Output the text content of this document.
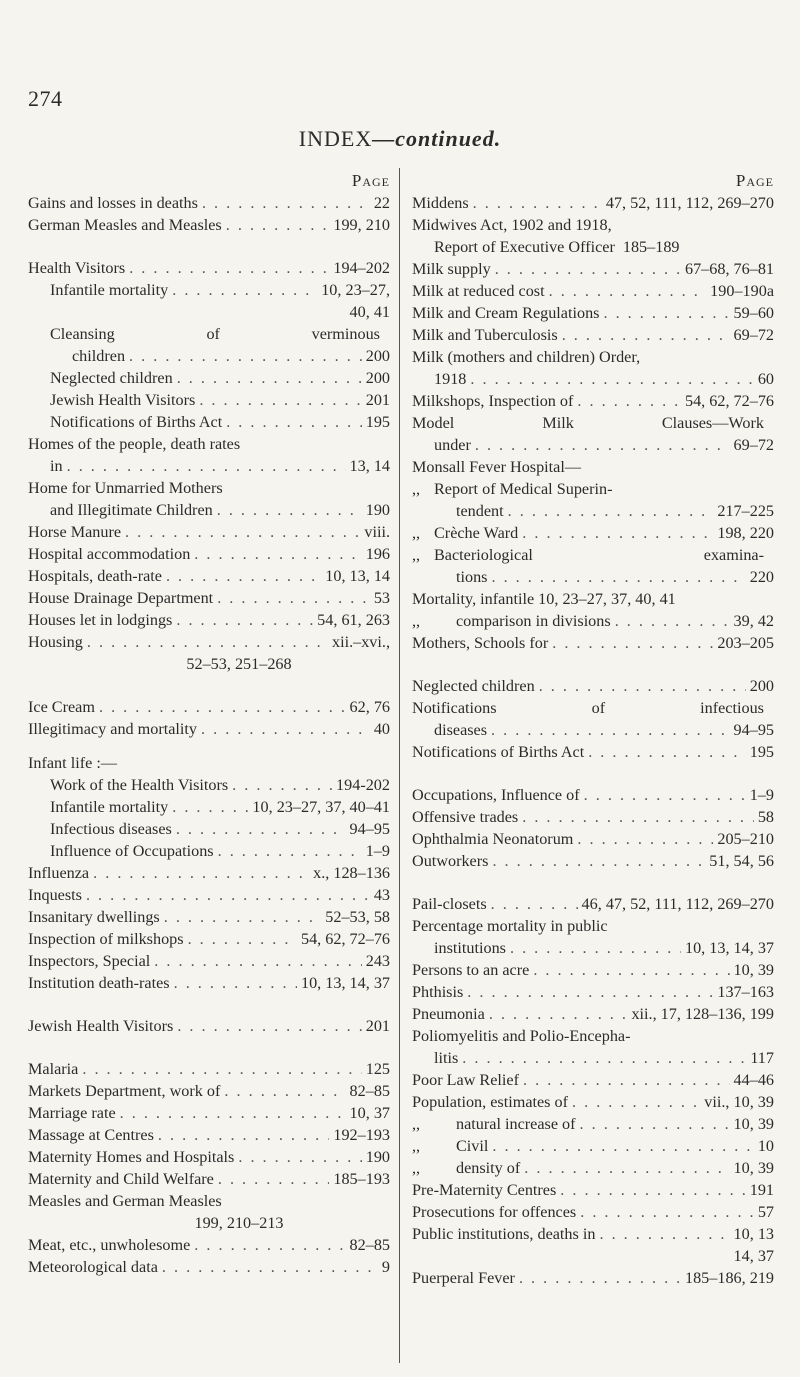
274
INDEX—continued.
Page
Gains and losses in deaths . . .	22
German Measles and Measles . . .	199, 210
Health Visitors . . .	194–202
Infantile mortality . . .	10, 23–27,
40, 41
Cleansing	of	verminous
children . . .	200
Neglected children . . .	200
Jewish Health Visitors . . .	201
Notifications of Births Act . . .	195
Homes of the people, death rates
in . . .	13, 14
Home for Unmarried Mothers
and Illegitimate Children . . .	190
Horse Manure . . .	viii.
Hospital accommodation . . .	196
Hospitals, death-rate . . .	10, 13, 14
House Drainage Department . . .	53
Houses let in lodgings . . .	54, 61, 263
Housing . . .	xii.–xvi.,
52–53, 251–268
Ice Cream . . .	62, 76
Illegitimacy and mortality . . .	40
Infant life :—
Work of the Health Visitors . . .	194-202
Infantile mortality . . .	10, 23–27, 37, 40–41
Infectious diseases . . .	94–95
Influence of Occupations . . .	1–9
Influenza . . .	x., 128–136
Inquests . . .	43
Insanitary dwellings . . .	52–53, 58
Inspection of milkshops . . .	54, 62, 72–76
Inspectors, Special . . .	243
Institution death-rates . . .	10, 13, 14, 37
Jewish Health Visitors . . .	201
Malaria . . .	125
Markets Department, work of . . .	82–85
Marriage rate . . .	10, 37
Massage at Centres . . .	192–193
Maternity Homes and Hospitals . . .	190
Maternity and Child Welfare . . .	185–193
Measles and German Measles
199, 210–213
Meat, etc., unwholesome . . .	82–85
Meteorological data . . .	9
Page
Middens . . .	47, 52, 111, 112, 269–270
Midwives Act, 1902 and 1918,
Report of Executive Officer 185–189
Milk supply . . .	67–68, 76–81
Milk at reduced cost . . .	190–190a
Milk and Cream Regulations . . .	59–60
Milk and Tuberculosis . . .	69–72
Milk (mothers and children) Order,
1918 . . .	60
Milkshops, Inspection of . . .	54, 62, 72–76
Model	Milk	Clauses—Work
under . . .	69–72
Monsall Fever Hospital—
,, Report of Medical Superin-
tendent . . .	217–225
,, Crèche Ward . . .	198, 220
,, Bacteriological	examina-
tions . . .	220
Mortality, infantile 10, 23–27, 37, 40, 41
,,	comparison in divisions . . .	39, 42
Mothers, Schools for . . .	203–205
Neglected children . . .	200
Notifications	of	infectious
diseases . . .	94–95
Notifications of Births Act . . .	195
Occupations, Influence of . . .	1–9
Offensive trades . . .	58
Ophthalmia Neonatorum . . .	205–210
Outworkers . . .	51, 54, 56
Pail-closets . . .	46, 47, 52, 111, 112, 269–270
Percentage mortality in public
institutions . . .	10, 13, 14, 37
Persons to an acre . . .	10, 39
Phthisis . . .	137–163
Pneumonia . . .	xii., 17, 128–136, 199
Poliomyelitis and Polio-Encepha-
litis . . .	117
Poor Law Relief . . .	44–46
Population, estimates of . . .	vii., 10, 39
,,	natural increase of . . .	10, 39
,,	Civil . . .	10
,,	density of . . .	10, 39
Pre-Maternity Centres . . .	191
Prosecutions for offences . . .	57
Public institutions, deaths in . . .	10, 13
14, 37
Puerperal Fever . . .	185–186, 219
